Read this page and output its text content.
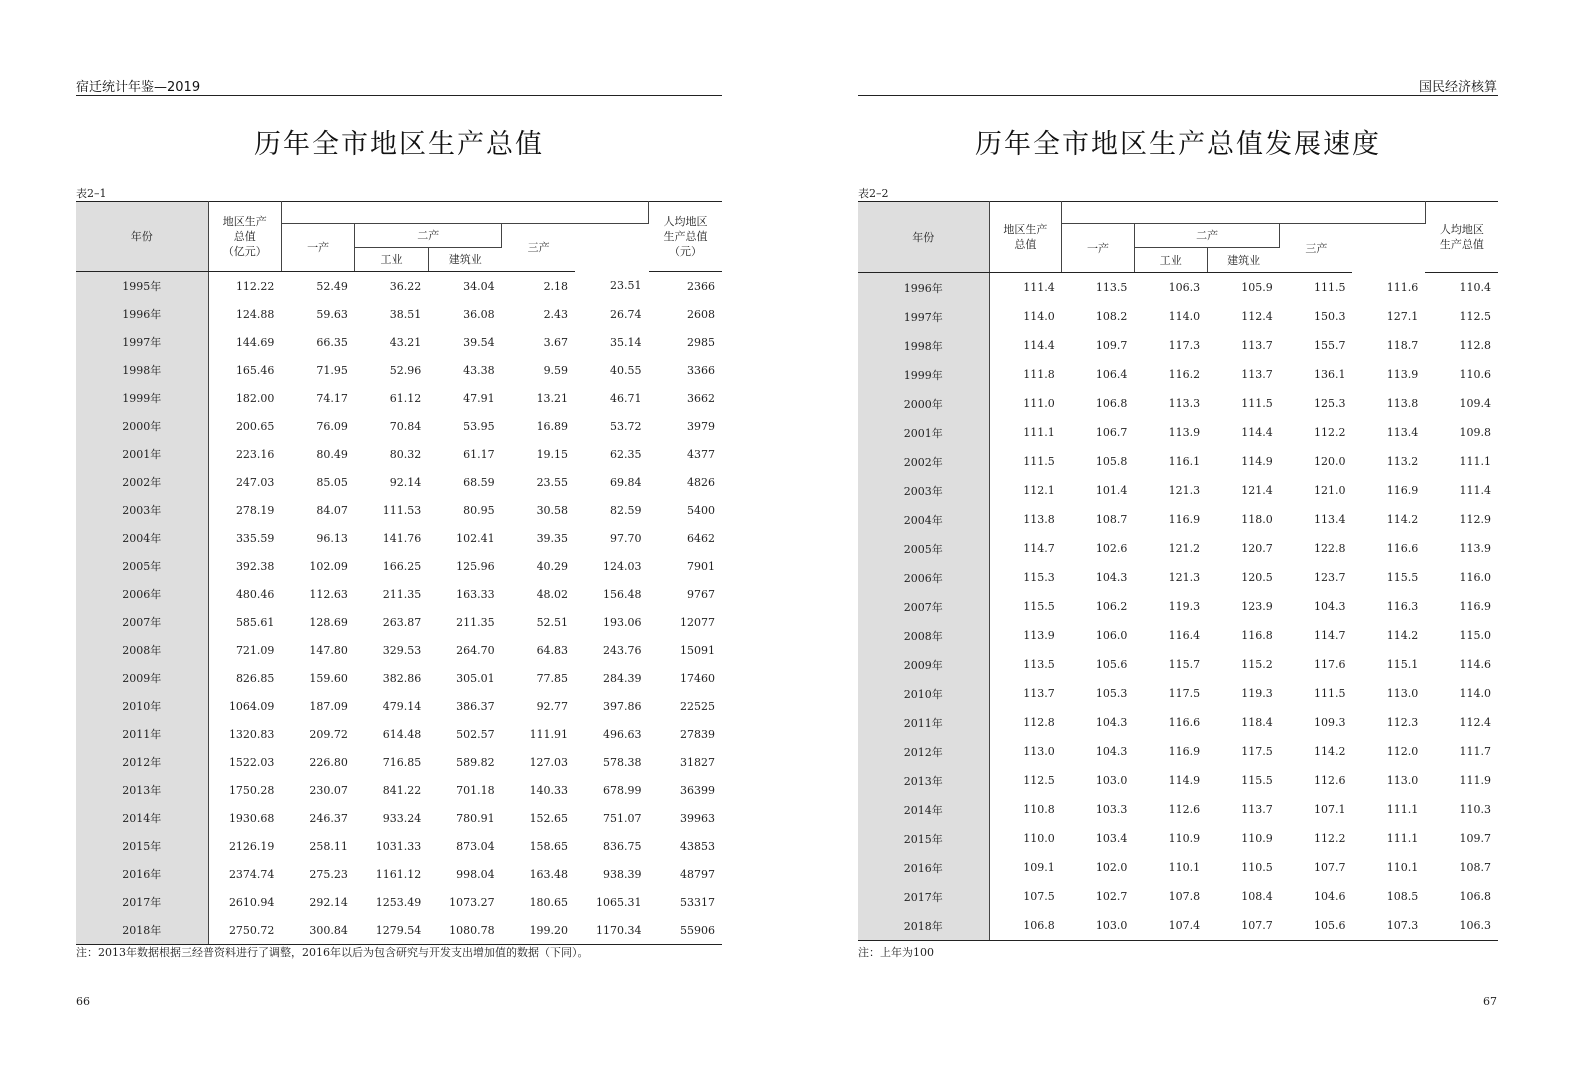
宿迁统计年鉴—2019
历年全市地区生产总值
表2–1
年份	地区生产
总值
（亿元）						人均地区
生产总值
（元）
		一产	二产		三产		
			工业	建筑业			
1995年	112.22	52.49	36.22	34.04	2.18	23.51	2366
1996年	124.88	59.63	38.51	36.08	2.43	26.74	2608
1997年	144.69	66.35	43.21	39.54	3.67	35.14	2985
1998年	165.46	71.95	52.96	43.38	9.59	40.55	3366
1999年	182.00	74.17	61.12	47.91	13.21	46.71	3662
2000年	200.65	76.09	70.84	53.95	16.89	53.72	3979
2001年	223.16	80.49	80.32	61.17	19.15	62.35	4377
2002年	247.03	85.05	92.14	68.59	23.55	69.84	4826
2003年	278.19	84.07	111.53	80.95	30.58	82.59	5400
2004年	335.59	96.13	141.76	102.41	39.35	97.70	6462
2005年	392.38	102.09	166.25	125.96	40.29	124.03	7901
2006年	480.46	112.63	211.35	163.33	48.02	156.48	9767
2007年	585.61	128.69	263.87	211.35	52.51	193.06	12077
2008年	721.09	147.80	329.53	264.70	64.83	243.76	15091
2009年	826.85	159.60	382.86	305.01	77.85	284.39	17460
2010年	1064.09	187.09	479.14	386.37	92.77	397.86	22525
2011年	1320.83	209.72	614.48	502.57	111.91	496.63	27839
2012年	1522.03	226.80	716.85	589.82	127.03	578.38	31827
2013年	1750.28	230.07	841.22	701.18	140.33	678.99	36399
2014年	1930.68	246.37	933.24	780.91	152.65	751.07	39963
2015年	2126.19	258.11	1031.33	873.04	158.65	836.75	43853
2016年	2374.74	275.23	1161.12	998.04	163.48	938.39	48797
2017年	2610.94	292.14	1253.49	1073.27	180.65	1065.31	53317
2018年	2750.72	300.84	1279.54	1080.78	199.20	1170.34	55906
注：2013年数据根据三经普资料进行了调整，2016年以后为包含研究与开发支出增加值的数据（下同）。
66
国民经济核算
历年全市地区生产总值发展速度
表2–2
年份	地区生产
总值						人均地区
生产总值
		一产	二产		三产		
			工业	建筑业			
1996年	111.4	113.5	106.3	105.9	111.5	111.6	110.4
1997年	114.0	108.2	114.0	112.4	150.3	127.1	112.5
1998年	114.4	109.7	117.3	113.7	155.7	118.7	112.8
1999年	111.8	106.4	116.2	113.7	136.1	113.9	110.6
2000年	111.0	106.8	113.3	111.5	125.3	113.8	109.4
2001年	111.1	106.7	113.9	114.4	112.2	113.4	109.8
2002年	111.5	105.8	116.1	114.9	120.0	113.2	111.1
2003年	112.1	101.4	121.3	121.4	121.0	116.9	111.4
2004年	113.8	108.7	116.9	118.0	113.4	114.2	112.9
2005年	114.7	102.6	121.2	120.7	122.8	116.6	113.9
2006年	115.3	104.3	121.3	120.5	123.7	115.5	116.0
2007年	115.5	106.2	119.3	123.9	104.3	116.3	116.9
2008年	113.9	106.0	116.4	116.8	114.7	114.2	115.0
2009年	113.5	105.6	115.7	115.2	117.6	115.1	114.6
2010年	113.7	105.3	117.5	119.3	111.5	113.0	114.0
2011年	112.8	104.3	116.6	118.4	109.3	112.3	112.4
2012年	113.0	104.3	116.9	117.5	114.2	112.0	111.7
2013年	112.5	103.0	114.9	115.5	112.6	113.0	111.9
2014年	110.8	103.3	112.6	113.7	107.1	111.1	110.3
2015年	110.0	103.4	110.9	110.9	112.2	111.1	109.7
2016年	109.1	102.0	110.1	110.5	107.7	110.1	108.7
2017年	107.5	102.7	107.8	108.4	104.6	108.5	106.8
2018年	106.8	103.0	107.4	107.7	105.6	107.3	106.3
注：上年为100
67
